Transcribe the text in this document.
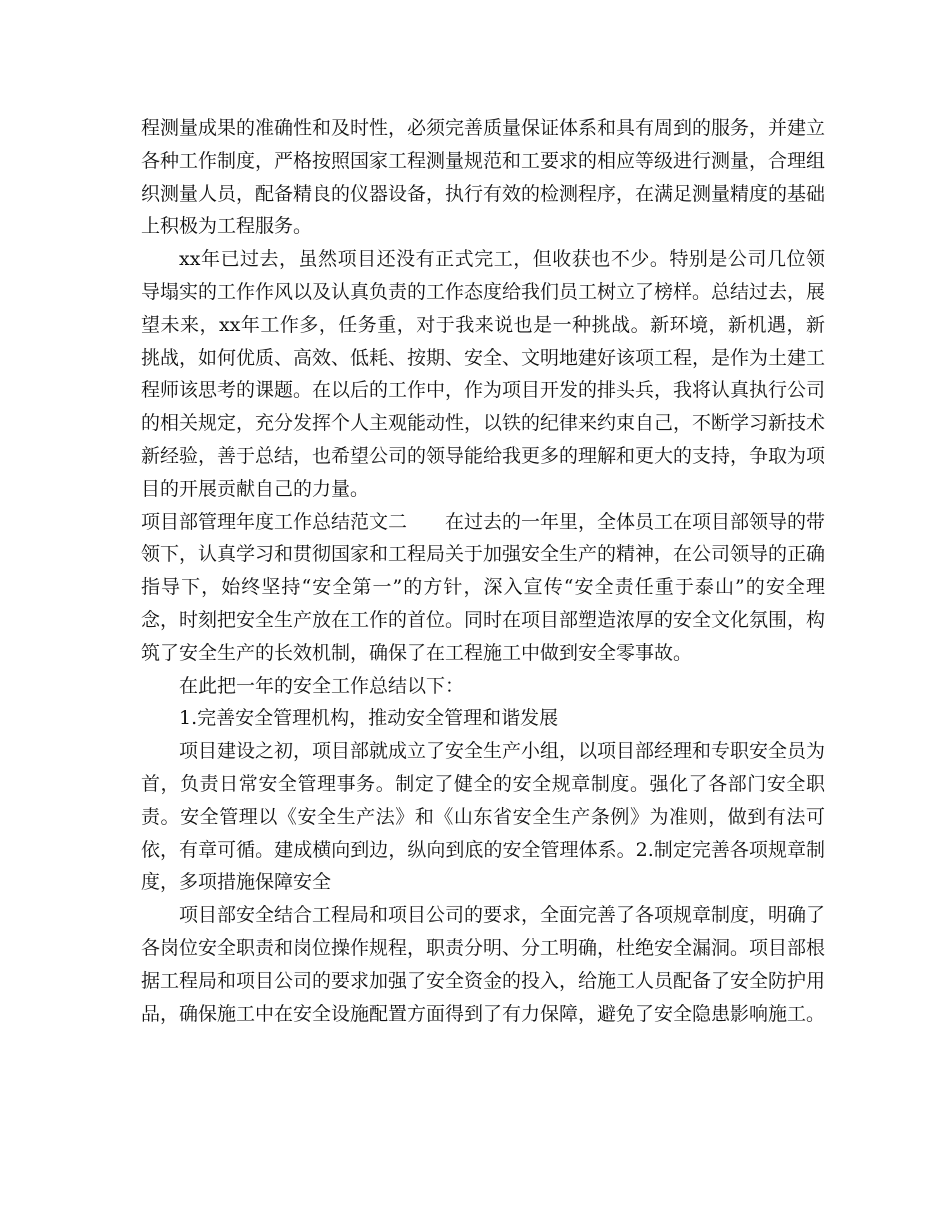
程测量成果的准确性和及时性，必须完善质量保证体系和具有周到的服务，并建立各种工作制度，严格按照国家工程测量规范和工要求的相应等级进行测量，合理组织测量人员，配备精良的仪器设备，执行有效的检测程序，在满足测量精度的基础上积极为工程服务。

xx年已过去，虽然项目还没有正式完工，但收获也不少。特别是公司几位领导塌实的工作作风以及认真负责的工作态度给我们员工树立了榜样。总结过去，展望未来，xx年工作多，任务重，对于我来说也是一种挑战。新环境，新机遇，新挑战，如何优质、高效、低耗、按期、安全、文明地建好该项工程，是作为土建工程师该思考的课题。在以后的工作中，作为项目开发的排头兵，我将认真执行公司的相关规定，充分发挥个人主观能动性，以铁的纪律来约束自己，不断学习新技术新经验，善于总结，也希望公司的领导能给我更多的理解和更大的支持，争取为项目的开展贡献自己的力量。

项目部管理年度工作总结范文二　　在过去的一年里，全体员工在项目部领导的带领下，认真学习和贯彻国家和工程局关于加强安全生产的精神，在公司领导的正确指导下，始终坚持“安全第一”的方针，深入宣传“安全责任重于泰山”的安全理念，时刻把安全生产放在工作的首位。同时在项目部塑造浓厚的安全文化氛围，构筑了安全生产的长效机制，确保了在工程施工中做到安全零事故。

在此把一年的安全工作总结以下：

1.完善安全管理机构，推动安全管理和谐发展

项目建设之初，项目部就成立了安全生产小组，以项目部经理和专职安全员为首，负责日常安全管理事务。制定了健全的安全规章制度。强化了各部门安全职责。安全管理以《安全生产法》和《山东省安全生产条例》为准则，做到有法可依，有章可循。建成横向到边，纵向到底的安全管理体系。2.制定完善各项规章制度，多项措施保障安全

项目部安全结合工程局和项目公司的要求，全面完善了各项规章制度，明确了各岗位安全职责和岗位操作规程，职责分明、分工明确，杜绝安全漏洞。项目部根据工程局和项目公司的要求加强了安全资金的投入，给施工人员配备了安全防护用品，确保施工中在安全设施配置方面得到了有力保障，避免了安全隐患影响施工。
